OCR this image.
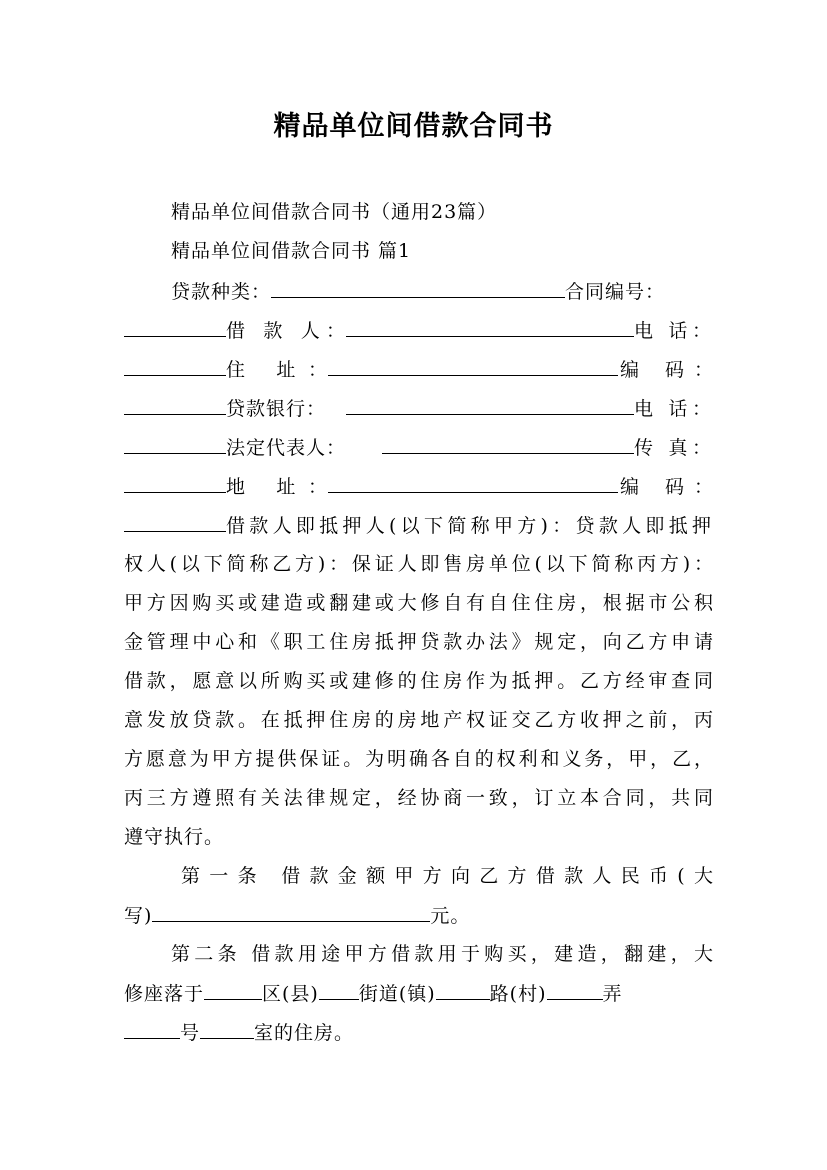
精品单位间借款合同书
精品单位间借款合同书（通用23篇）
精品单位间借款合同书 篇1
贷款种类：	合同编号：
借 款 人：	电 话：
住 址：	编 码：
贷款银行：	电 话：
法定代表人：	传 真：
地 址：	编 码：
借款人即抵押人(以下简称甲方)：贷款人即抵押
权人(以下简称乙方)：保证人即售房单位(以下简称丙方)：
甲方因购买或建造或翻建或大修自有自住住房，根据市公积
金管理中心和《职工住房抵押贷款办法》规定，向乙方申请
借款，愿意以所购买或建修的住房作为抵押。乙方经审查同
意发放贷款。在抵押住房的房地产权证交乙方收押之前，丙
方愿意为甲方提供保证。为明确各自的权利和义务，甲，乙，
丙三方遵照有关法律规定，经协商一致，订立本合同，共同
遵守执行。
第一条 借款金额甲方向乙方借款人民币(大
写)	元。
第二条 借款用途甲方借款用于购买，建造，翻建，大
修座落于	区(县) 街道(镇)	路(村)	弄
号	室的住房。
